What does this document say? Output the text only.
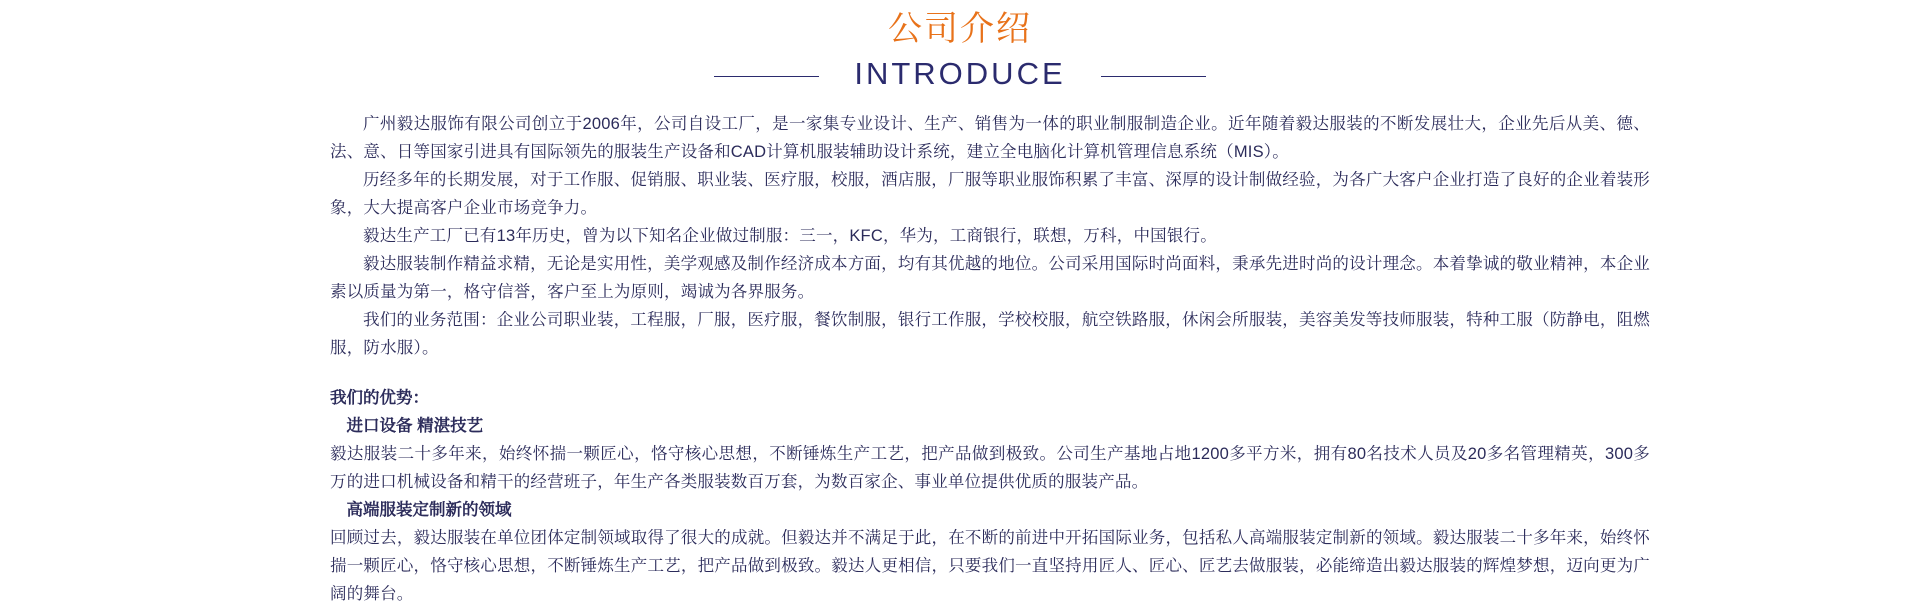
公司介绍
INTRODUCE

广州毅达服饰有限公司创立于2006年，公司自设工厂，是一家集专业设计、生产、销售为一体的职业制服制造企业。近年随着毅达服装的不断发展壮大，企业先后从美、德、法、意、日等国家引进具有国际领先的服装生产设备和CAD计算机服装辅助设计系统，建立全电脑化计算机管理信息系统（MIS）。

历经多年的长期发展，对于工作服、促销服、职业装、医疗服，校服，酒店服，厂服等职业服饰积累了丰富、深厚的设计制做经验，为各广大客户企业打造了良好的企业着装形象，大大提高客户企业市场竞争力。

毅达生产工厂已有13年历史，曾为以下知名企业做过制服：三一，KFC，华为，工商银行，联想，万科，中国银行。

毅达服装制作精益求精，无论是实用性，美学观感及制作经济成本方面，均有其优越的地位。公司采用国际时尚面料，秉承先进时尚的设计理念。本着挚诚的敬业精神，本企业素以质量为第一，格守信誉，客户至上为原则，竭诚为各界服务。

我们的业务范围：企业公司职业装，工程服，厂服，医疗服，餐饮制服，银行工作服，学校校服，航空铁路服，休闲会所服装，美容美发等技师服装，特种工服（防静电，阻燃服，防水服）。

我们的优势：

进口设备 精湛技艺

毅达服装二十多年来，始终怀揣一颗匠心，恪守核心思想，不断锤炼生产工艺，把产品做到极致。公司生产基地占地1200多平方米，拥有80名技术人员及20多名管理精英，300多万的进口机械设备和精干的经营班子，年生产各类服装数百万套，为数百家企、事业单位提供优质的服装产品。

高端服装定制新的领域

回顾过去，毅达服装在单位团体定制领域取得了很大的成就。但毅达并不满足于此，在不断的前进中开拓国际业务，包括私人高端服装定制新的领域。毅达服装二十多年来，始终怀揣一颗匠心，恪守核心思想，不断锤炼生产工艺，把产品做到极致。毅达人更相信，只要我们一直坚持用匠人、匠心、匠艺去做服装，必能缔造出毅达服装的辉煌梦想，迈向更为广阔的舞台。
